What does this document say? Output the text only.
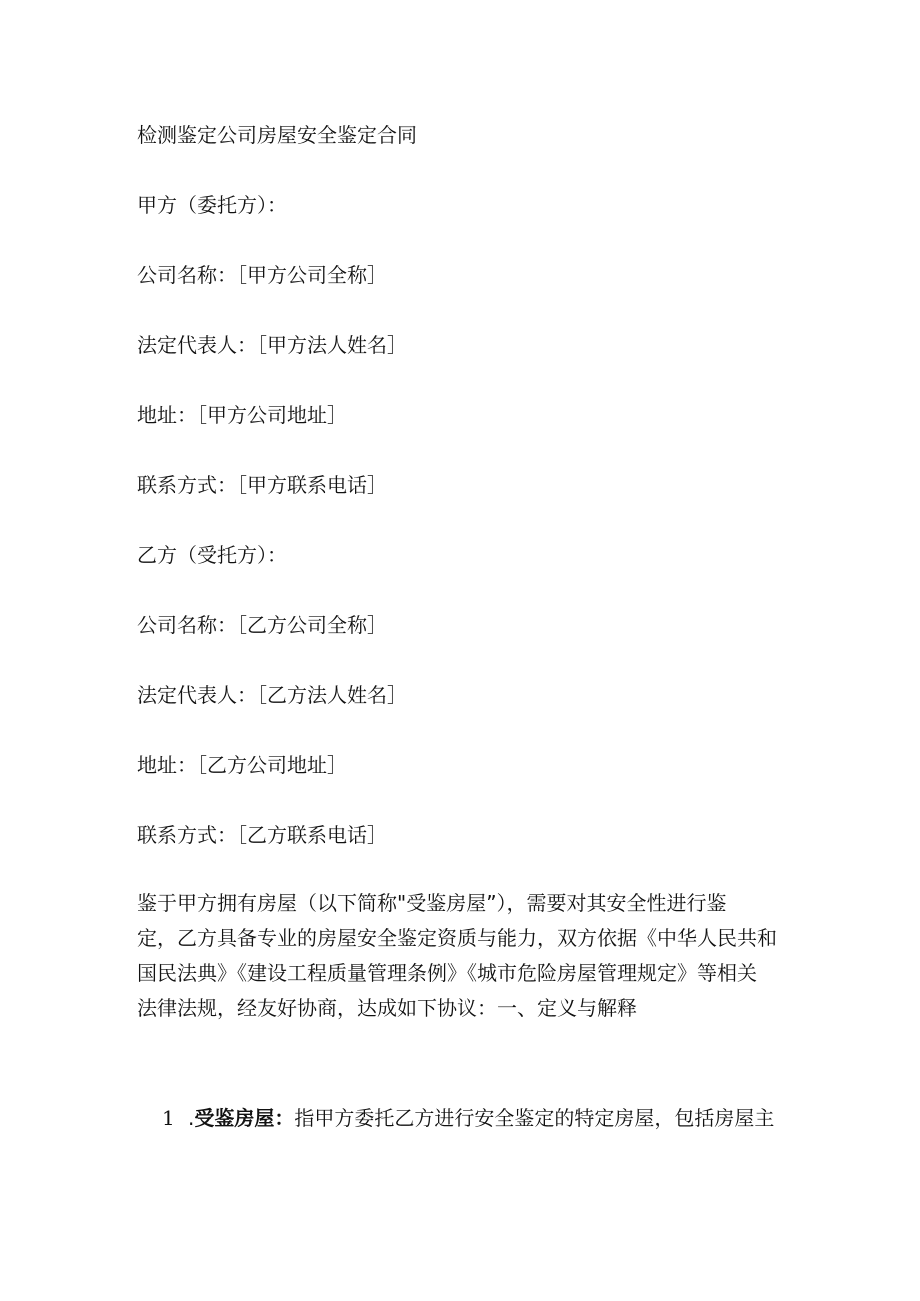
检测鉴定公司房屋安全鉴定合同
甲方（委托方）：
公司名称：［甲方公司全称］
法定代表人：［甲方法人姓名］
地址：［甲方公司地址］
联系方式：［甲方联系电话］
乙方（受托方）：
公司名称：［乙方公司全称］
法定代表人：［乙方法人姓名］
地址：［乙方公司地址］
联系方式：［乙方联系电话］
鉴于甲方拥有房屋（以下简称"受鉴房屋”），需要对其安全性进行鉴
定，乙方具备专业的房屋安全鉴定资质与能力，双方依据《中华人民共和
国民法典》《建设工程质量管理条例》《城市危险房屋管理规定》等相关
法律法规，经友好协商，达成如下协议：一、定义与解释
1 .受鉴房屋：指甲方委托乙方进行安全鉴定的特定房屋，包括房屋主
